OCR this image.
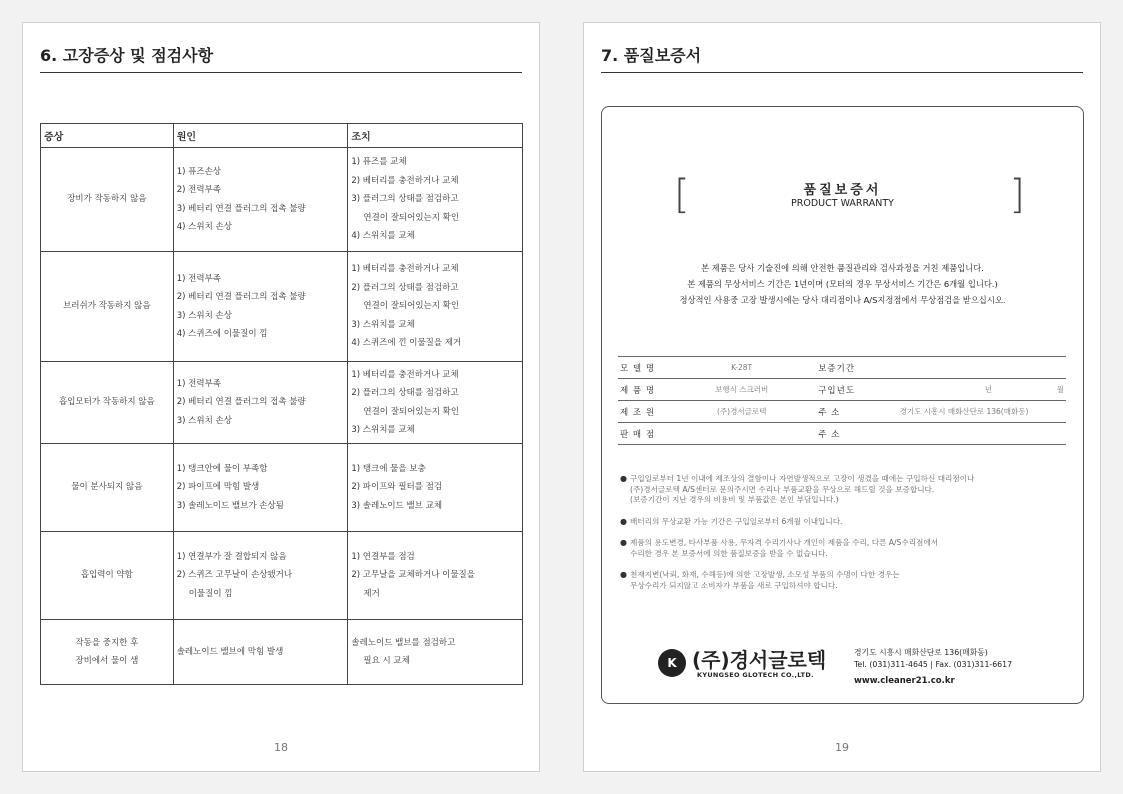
6. 고장증상 및 점검사항
증상	원인	조치

장비가 작동하지 않음	1) 퓨즈손상
2) 전력부족
3) 베터리 연결 플러그의 접촉 불량
4) 스위치 손상	1) 퓨즈를 교체
2) 베터리를 충전하거나 교체
3) 플러그의 상태를 점검하고
연결이 잘되어있는지 확인
4) 스위치를 교체

브러쉬가 작동하지 않음	1) 전력부족
2) 베터리 연결 플러그의 접촉 불량
3) 스위치 손상
4) 스퀴즈에 이물질이 낌	1) 베터리를 충전하거나 교체
2) 플러그의 상태를 점검하고
연결이 잘되어있는지 확인
3) 스위치를 교체
4) 스퀴즈에 낀 이물질을 제거

흡입모터가 작동하지 않음	1) 전력부족
2) 베터리 연결 플러그의 접촉 불량
3) 스위치 손상	1) 베터리를 충전하거나 교체
2) 플러그의 상태를 점검하고
연결이 잘되어있는지 확인
3) 스위치를 교체

물이 분사되지 않음	1) 탱크안에 물이 부족함
2) 파이프에 막힘 발생
3) 솔레노이드 밸브가 손상됨	1) 탱크에 물을 보충
2) 파이프와 필터를 점검
3) 솔레노이드 밸브 교체

흡입력이 약함	1) 연결부가 잘 결합되지 않음
2) 스퀴즈 고무날이 손상됐거나
이물질이 낌	1) 연결부를 점검
2) 고무날을 교체하거나 이물질을
제거

작동을 중지한 후
장비에서 물이 샘	솔레노이드 밸브에 막힘 발생	솔레노이드 밸브를 점검하고
필요 시 교체
18
7. 품질보증서
[	]
품질보증서
PRODUCT WARRANTY
본 제품은 당사 기술진에 의해 안전한 품질관리와 검사과정을 거친 제품입니다.
본 제품의 무상서비스 기간은 1년이며 (모터의 경우 무상서비스 기간은 6개월 입니다.)
정상적인 사용중 고장 발생시에는 당사 대리점이나 A/S지정점에서 무상점검을 받으십시오.
모 델 명	K-28T	보증기간	
제 품 명	보행식 스크러버	구입년도	년 월
제 조 원	(주)경서글로텍	주 소	경기도 시흥시 매화산단로 136(매화동)
판 매 점		주 소	
● 구입일로부터 1년 이내에 제조상의 결함이나 자연발생적으로 고장이 생겼을 때에는 구입하신 대리점이나
(주)경서글로텍 A/S센터로 문의주시면 수리나 부품교환을 무상으로 해드릴 것을 보증합니다.
(보증기간이 지난 경우의 비용비 및 부품값은 본인 부담입니다.)
● 배터리의 무상교환 가능 기간은 구입일로부터 6개월 이내입니다.
● 제품의 용도변경, 타사부품 사용, 무자격 수리기사나 개인이 제품을 수리, 다른 A/S수리점에서
수리한 경우 본 보증서에 의한 품질보증을 받을 수 없습니다.
● 천재지변(낙뢰, 화재, 수해등)에 의한 고장발생, 소모성 부품의 수명이 다한 경우는
무상수리가 되지않고 소비자가 부품을 새로 구입하셔야 합니다.
K (주)경서글로텍
KYUNGSEO GLOTECH CO.,LTD.
경기도 시흥시 매화산단로 136(매화동)
Tel. (031)311-4645 | Fax. (031)311-6617
www.cleaner21.co.kr
19
